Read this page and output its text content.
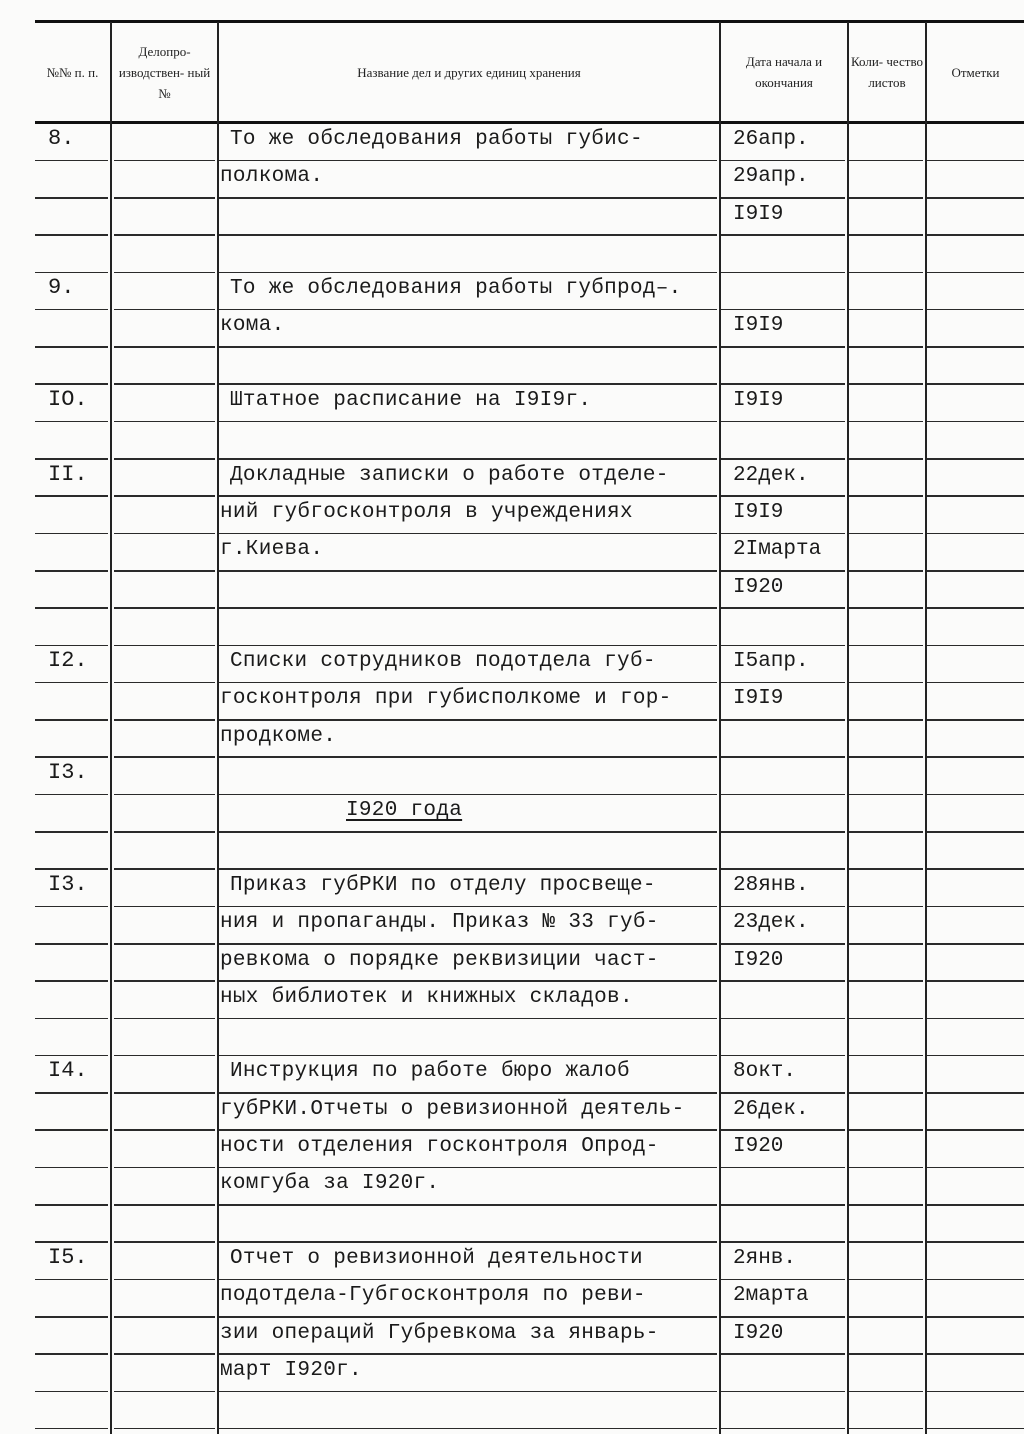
№№ п. п.
Делопро- изводствен- ный №
Название дел и других единиц хранения
Дата начала и окончания
Коли- чество листов
Отметки
8.	То же обследования работы губис-	26апр.
полкома.	29апр.
I9I9
9.	То же обследования работы губпрод–.
кома.	I9I9
IO.	Штатное расписание на I9I9г.	I9I9
II.	Докладные записки о работе отделе-	22дек.
ний губгосконтроля в учреждениях	I9I9
г.Киева.	2Iмарта
I920
I2.	Списки сотрудников подотдела губ-	I5апр.
госконтроля при губисполкоме и гор-	I9I9
продкоме.
I3.
I920 года
I3.	Приказ губРКИ по отделу просвеще-	28янв.
ния и пропаганды. Приказ № 33 губ-	23дек.
ревкома о порядке реквизиции част-	I920
ных библиотек и книжных складов.
I4.	Инструкция по работе бюро жалоб	8окт.
губРКИ.Отчеты о ревизионной деятель- 26дек.
ности отделения госконтроля Опрод-	I920
комгуба за I920г.
I5.	Отчет о ревизионной деятельности	2янв.
подотдела-Губгосконтроля по реви-	2марта
зии операций Губревкома за январь-	I920
март I920г.
